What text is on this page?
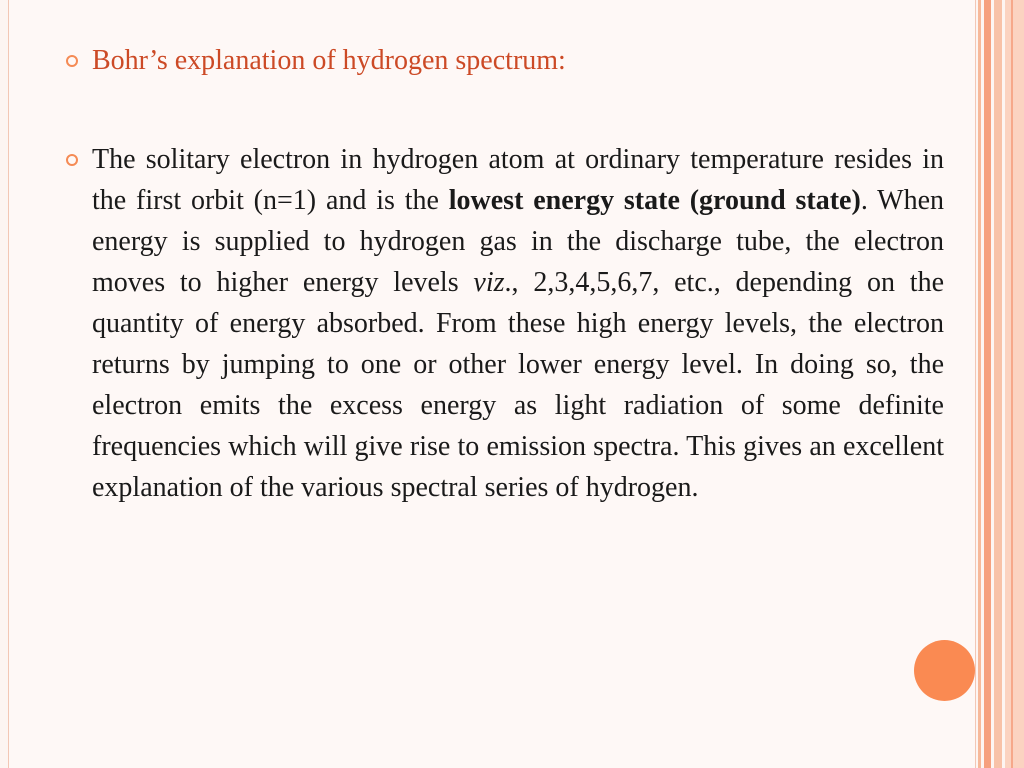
Bohr’s explanation of hydrogen spectrum:
The solitary electron in hydrogen atom at ordinary temperature resides in the first orbit (n=1) and is the lowest energy state (ground state). When energy is supplied to hydrogen gas in the discharge tube, the electron moves to higher energy levels viz., 2,3,4,5,6,7, etc., depending on the quantity of energy absorbed. From these high energy levels, the electron returns by jumping to one or other lower energy level. In doing so, the electron emits the excess energy as light radiation of some definite frequencies which will give rise to emission spectra. This gives an excellent explanation of the various spectral series of hydrogen.
